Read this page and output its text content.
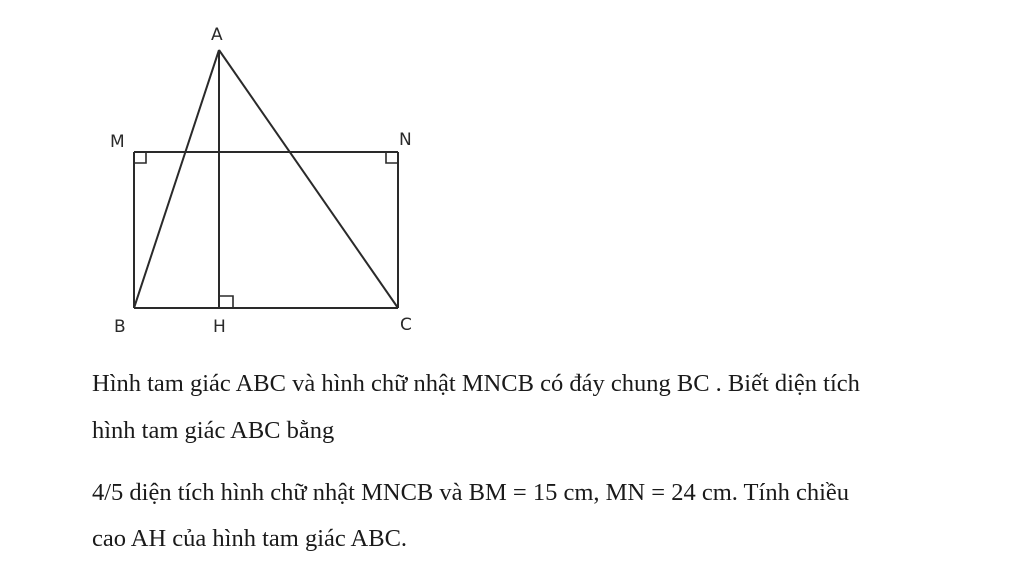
A
M	N
B	H	C

Hình tam giác ABC và hình chữ nhật MNCB có đáy chung BC . Biết diện tích

hình tam giác ABC bằng

4/5 diện tích hình chữ nhật MNCB và BM = 15 cm, MN = 24 cm. Tính chiều

cao AH của hình tam giác ABC.
